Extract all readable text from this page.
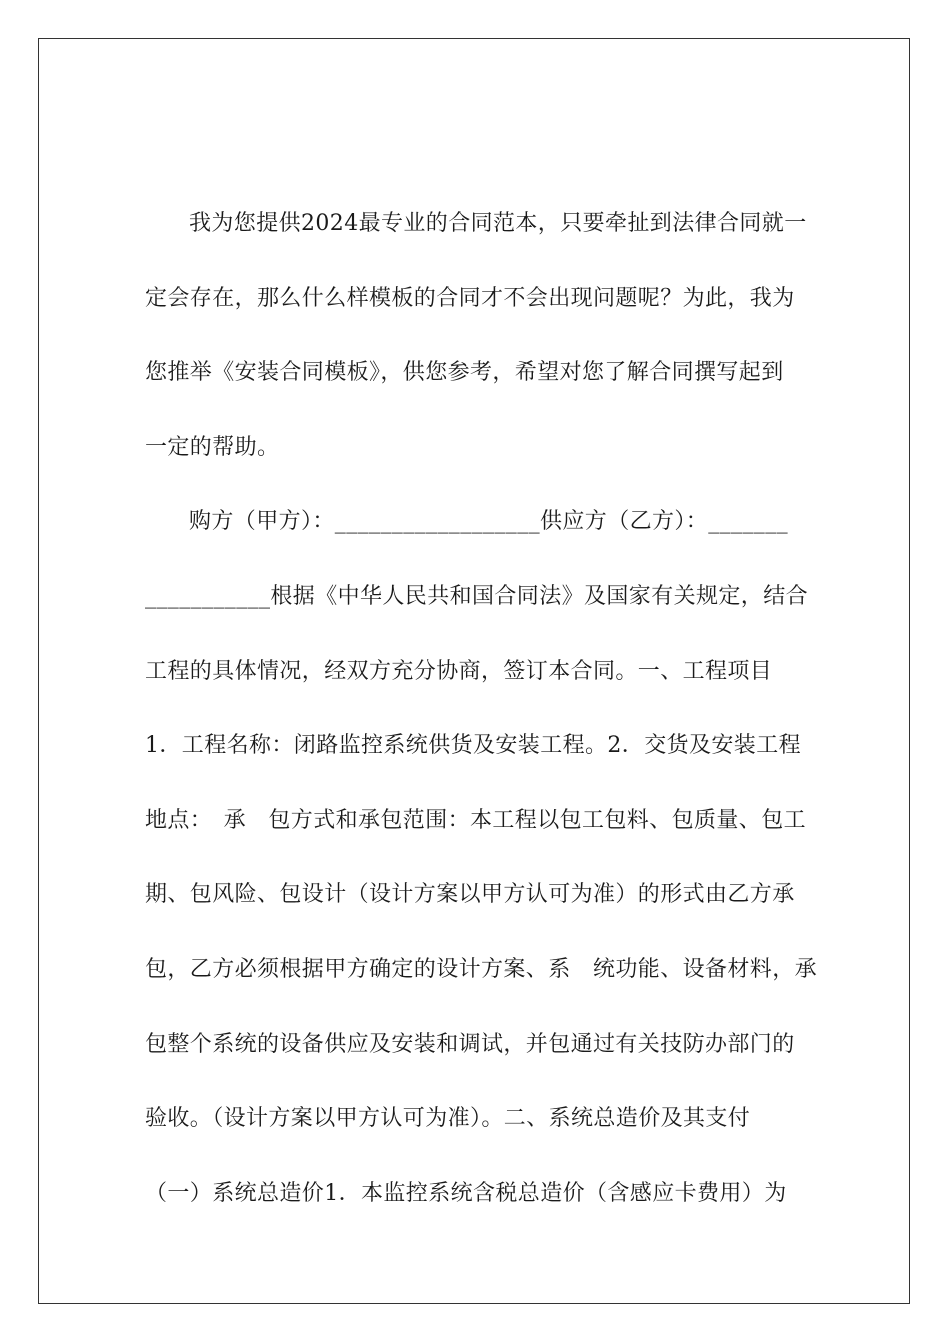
我为您提供2024最专业的合同范本，只要牵扯到法律合同就一
定会存在，那么什么样模板的合同才不会出现问题呢？为此，我为
您推举《安装合同模板》，供您参考，希望对您了解合同撰写起到
一定的帮助。
购方（甲方）：__________________供应方（乙方）：_______
___________根据《中华人民共和国合同法》及国家有关规定，结合
工程的具体情况，经双方充分协商，签订本合同。一、工程项目
1．工程名称：闭路监控系统供货及安装工程。2．交货及安装工程
地点：　承　包方式和承包范围：本工程以包工包料、包质量、包工
期、包风险、包设计（设计方案以甲方认可为准）的形式由乙方承
包，乙方必须根据甲方确定的设计方案、系　统功能、设备材料，承
包整个系统的设备供应及安装和调试，并包通过有关技防办部门的
验收。（设计方案以甲方认可为准）。二、系统总造价及其支付
（一）系统总造价1．本监控系统含税总造价（含感应卡费用）为
